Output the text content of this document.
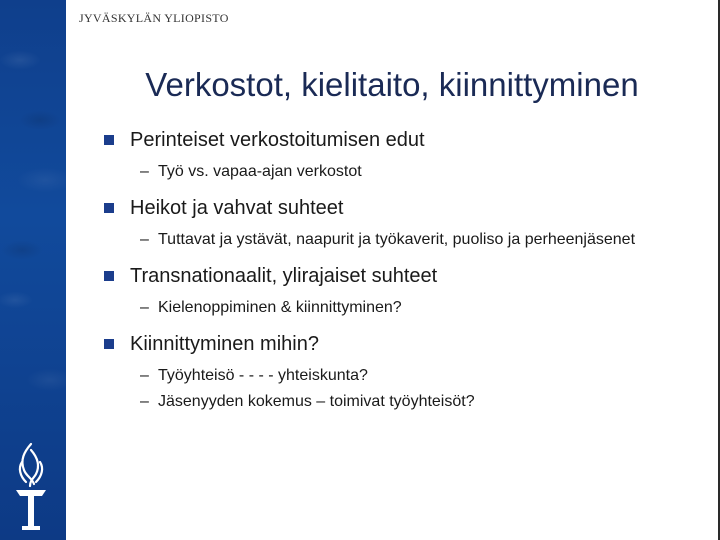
JYVÄSKYLÄN YLIOPISTO
Verkostot, kielitaito, kiinnittyminen
Perinteiset verkostoitumisen edut
– Työ vs. vapaa-ajan verkostot
Heikot ja vahvat suhteet
– Tuttavat ja ystävät, naapurit ja työkaverit, puoliso ja perheenjäsenet
Transnationaalit, ylirajaiset suhteet
– Kielenoppiminen & kiinnittyminen?
Kiinnittyminen mihin?
– Työyhteisö - - - - yhteiskunta?
– Jäsenyyden kokemus – toimivat työyhteisöt?
